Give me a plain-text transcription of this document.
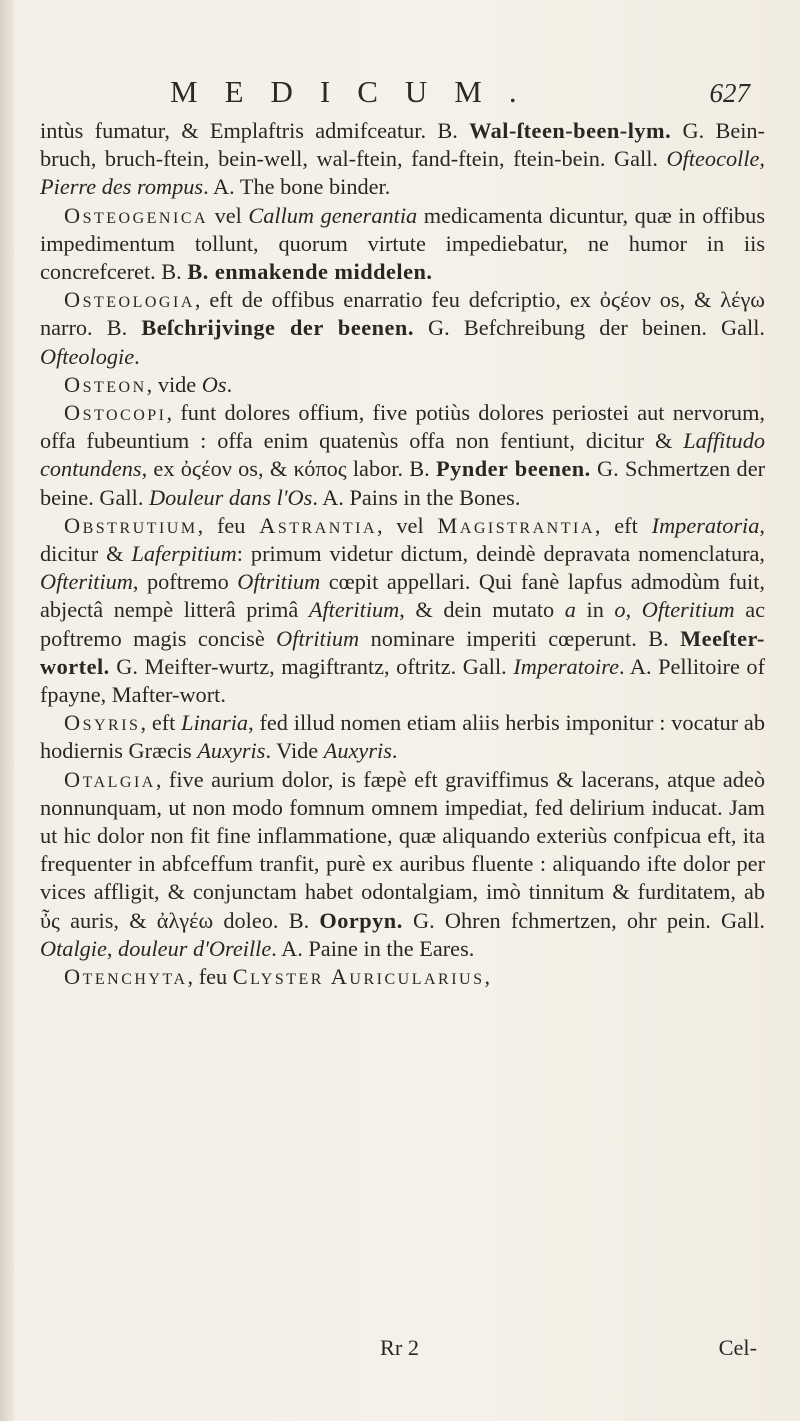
MEDICUM.	627

intùs fumatur, & Emplaftris admifceatur. B. Wal-ſteen-been-lym. G. Bein-bruch, bruch-ftein, bein-well, wal-ftein, fand-ftein, ftein-bein. Gall. Ofteocolle, Pierre des rompus. A. The bone binder.

Osteogenica vel Callum generantia medicamenta dicuntur, quæ in offibus impedimentum tollunt, quorum virtute impediebatur, ne humor in iis concrefceret. B. B. enmakende middelen.

Osteologia, eft de offibus enarratio feu defcriptio, ex ὀϛέον os, & λέγω narro. B. Beſchrijvinge der beenen. G. Befchreibung der beinen. Gall. Ofteologie.

Osteon, vide Os.

Ostocopi, funt dolores offium, five potiùs dolores periostei aut nervorum, offa fubeuntium : offa enim quatenùs offa non fentiunt, dicitur & Laffitudo contundens, ex ὀϛέον os, & κόπος labor. B. Pynder beenen. G. Schmertzen der beine. Gall. Douleur dans l'Os. A. Pains in the Bones.

Obstrutium, feu Astrantia, vel Magistrantia, eft Imperatoria, dicitur & Laferpitium: primum videtur dictum, deindè depravata nomenclatura, Ofteritium, poftremo Oftritium cœpit appellari. Qui fanè lapfus admodùm fuit, abjectâ nempè litterâ primâ Afteritium, & dein mutato a in o, Ofteritium ac poftremo magis concisè Oftritium nominare imperiti cœperunt. B. Meeſter-wortel. G. Meifter-wurtz, magiftrantz, oftritz. Gall. Imperatoire. A. Pellitoire of fpayne, Mafter-wort.

Osyris, eft Linaria, fed illud nomen etiam aliis herbis imponitur : vocatur ab hodiernis Græcis Auxyris. Vide Auxyris.

Otalgia, five aurium dolor, is fæpè eft graviffimus & lacerans, atque adeò nonnunquam, ut non modo fomnum omnem impediat, fed delirium inducat. Jam ut hic dolor non fit fine inflammatione, quæ aliquando exteriùs confpicua eft, ita frequenter in abfceffum tranfit, purè ex auribus fluente : aliquando ifte dolor per vices affligit, & conjunctam habet odontalgiam, imò tinnitum & furditatem, ab ὖς auris, & ἀλγέω doleo. B. Oorpyn. G. Ohren fchmertzen, ohr pein. Gall. Otalgie, douleur d'Oreille. A. Paine in the Eares.

Otenchyta, feu Clyster Auricularius,

Rr 2	Cel-
